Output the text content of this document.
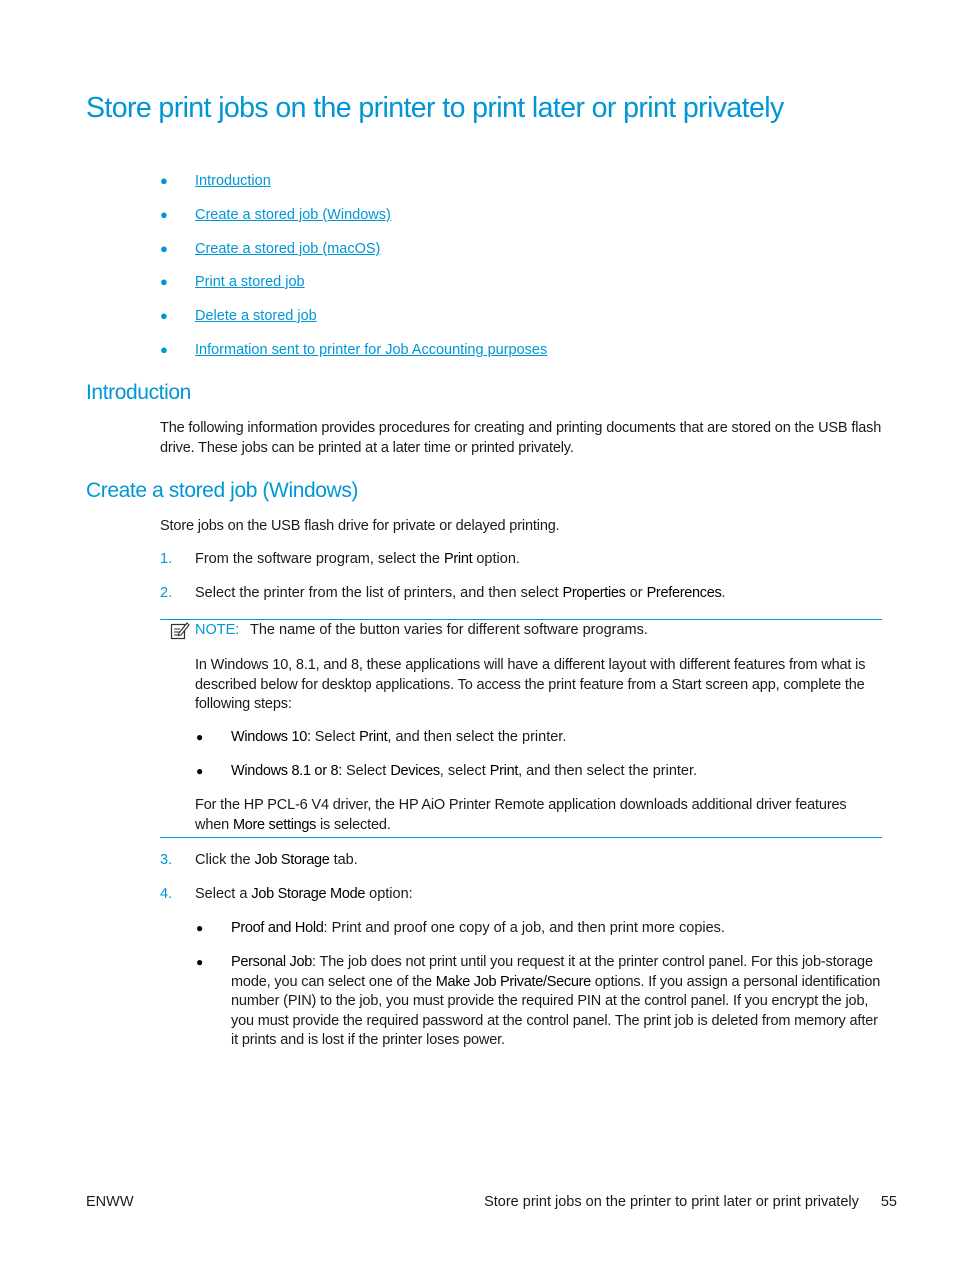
Store print jobs on the printer to print later or print privately
● Introduction
● Create a stored job (Windows)
● Create a stored job (macOS)
● Print a stored job
● Delete a stored job
● Information sent to printer for Job Accounting purposes
Introduction
The following information provides procedures for creating and printing documents that are stored on the USB flash drive. These jobs can be printed at a later time or printed privately.
Create a stored job (Windows)
Store jobs on the USB flash drive for private or delayed printing.
1. From the software program, select the Print option.
2. Select the printer from the list of printers, and then select Properties or Preferences.
NOTE: The name of the button varies for different software programs.
In Windows 10, 8.1, and 8, these applications will have a different layout with different features from what is described below for desktop applications. To access the print feature from a Start screen app, complete the following steps:
● Windows 10: Select Print, and then select the printer.
● Windows 8.1 or 8: Select Devices, select Print, and then select the printer.
For the HP PCL-6 V4 driver, the HP AiO Printer Remote application downloads additional driver features when More settings is selected.
3. Click the Job Storage tab.
4. Select a Job Storage Mode option:
● Proof and Hold: Print and proof one copy of a job, and then print more copies.
● Personal Job: The job does not print until you request it at the printer control panel. For this job-storage mode, you can select one of the Make Job Private/Secure options. If you assign a personal identification number (PIN) to the job, you must provide the required PIN at the control panel. If you encrypt the job, you must provide the required password at the control panel. The print job is deleted from memory after it prints and is lost if the printer loses power.
ENWW	Store print jobs on the printer to print later or print privately 55
